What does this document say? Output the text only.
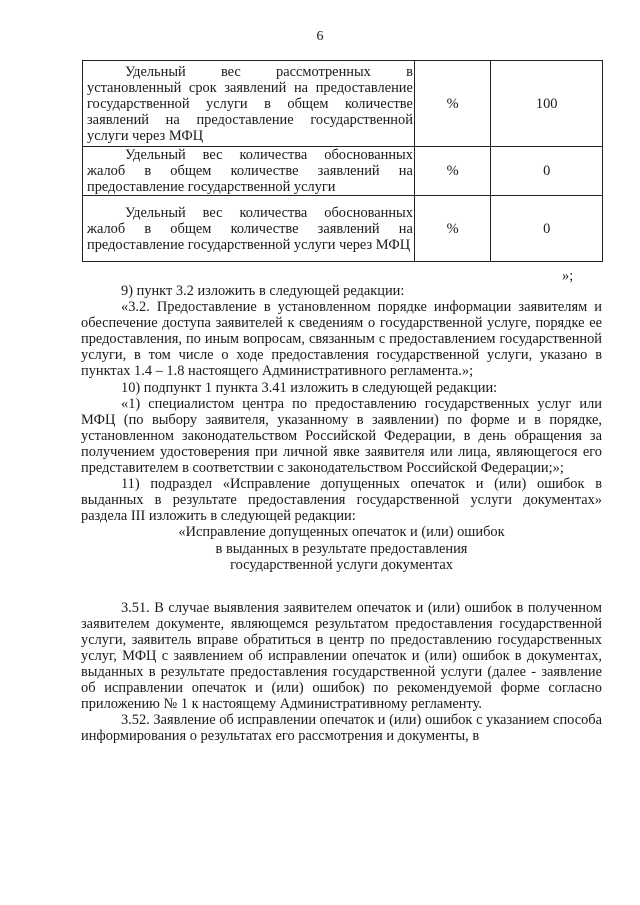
6
Удельный вес рассмотренных в установленный срок заявлений на предоставление государственной услуги в общем количестве заявлений на предоставление государственной услуги через МФЦ	%	100

Удельный вес количества обоснованных жалоб в общем количестве заявлений на предоставление государственной услуги	%	0

Удельный вес количества обоснованных жалоб в общем количестве заявлений на предоставление государственной услуги через МФЦ	%	0
»;

9) пункт 3.2 изложить в следующей редакции:

«3.2. Предоставление в установленном порядке информации заявителям и обеспечение доступа заявителей к сведениям о государственной услуге, порядке ее предоставления, по иным вопросам, связанным с предоставлением государственной услуги, в том числе о ходе предоставления государственной услуги, указано в пунктах 1.4 – 1.8 настоящего Административного регламента.»;

10) подпункт 1 пункта 3.41 изложить в следующей редакции:

«1) специалистом центра по предоставлению государственных услуг или МФЦ (по выбору заявителя, указанному в заявлении) по форме и в порядке, установленном законодательством Российской Федерации, в день обращения за получением удостоверения при личной явке заявителя или лица, являющегося его представителем в соответствии с законодательством Российской Федерации;»;

11) подраздел «Исправление допущенных опечаток и (или) ошибок в выданных в результате предоставления государственной услуги документах» раздела III изложить в следующей редакции:

«Исправление допущенных опечаток и (или) ошибок

в выданных в результате предоставления

государственной услуги документах

3.51. В случае выявления заявителем опечаток и (или) ошибок в полученном заявителем документе, являющемся результатом предоставления государственной услуги, заявитель вправе обратиться в центр по предоставлению государственных услуг, МФЦ с заявлением об исправлении опечаток и (или) ошибок в документах, выданных в результате предоставления государственной услуги (далее - заявление об исправлении опечаток и (или) ошибок) по рекомендуемой форме согласно приложению № 1 к настоящему Административному регламенту.

3.52. Заявление об исправлении опечаток и (или) ошибок с указанием способа информирования о результатах его рассмотрения и документы, в
